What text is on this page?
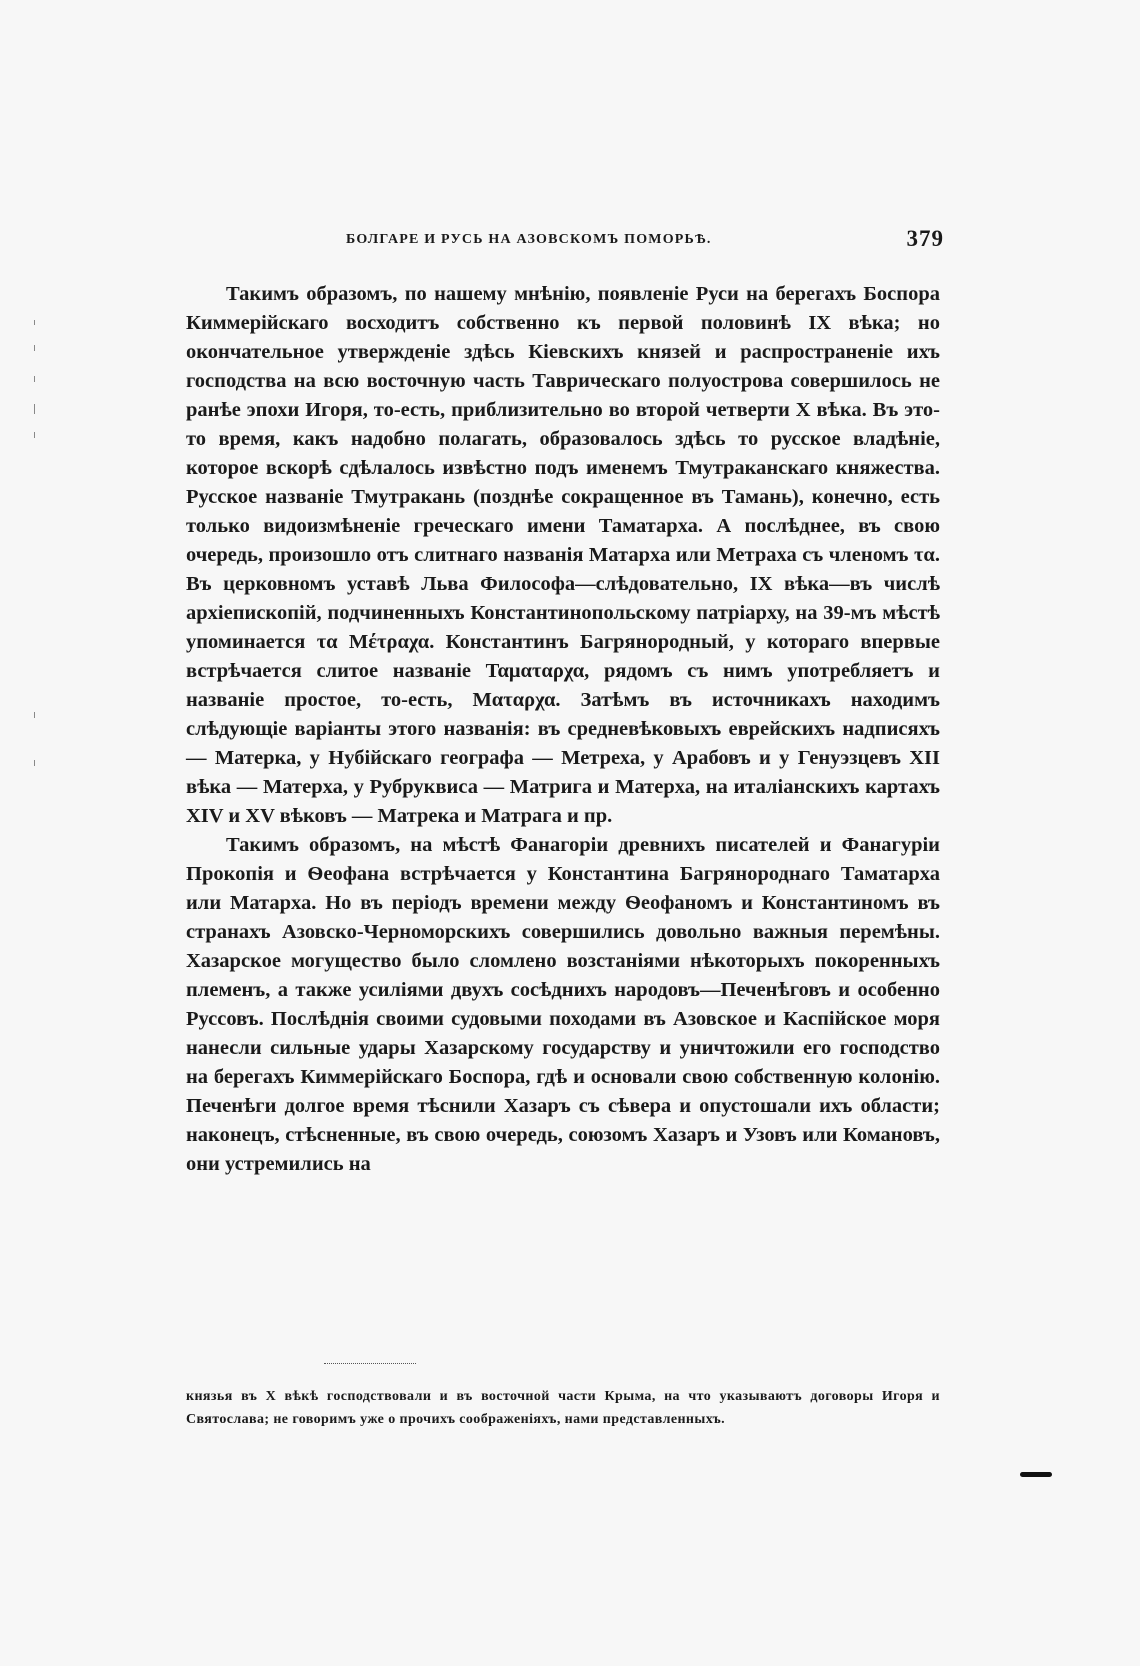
БОЛГАРЕ И РУСЬ НА АЗОВСКОМЪ ПОМОРЬѢ.	379

Такимъ образомъ, по нашему мнѣнію, появленіе Руси на берегахъ Боспора Киммерійскаго восходитъ собственно къ первой половинѣ IX вѣка; но окончательное утвержденіе здѣсь Кіевскихъ князей и распространеніе ихъ господства на всю восточную часть Таврическаго полуострова совершилось не ранѣе эпохи Игоря, то-есть, приблизительно во второй четверти X вѣка. Въ это-то время, какъ надобно полагать, образовалось здѣсь то русское владѣніе, которое вскорѣ сдѣлалось извѣстно подъ именемъ Тмутраканскаго княжества. Русское названіе Тмутракань (позднѣе сокращенное въ Тамань), конечно, есть только видоизмѣненіе греческаго имени Таматарха. А послѣднее, въ свою очередь, произошло отъ слитнаго названія Матарха или Метраха съ членомъ τα. Въ церковномъ уставѣ Льва Философа—слѣдовательно, IX вѣка—въ числѣ архіепископій, подчиненныхъ Константинопольскому патріарху, на 39-мъ мѣстѣ упоминается τα Μέτραχα. Константинъ Багрянородный, у котораго впервые встрѣчается слитое названіе Ταματαρχα, рядомъ съ нимъ употребляетъ и названіе простое, то-есть, Ματαρχα. Затѣмъ въ источникахъ находимъ слѣдующіе варіанты этого названія: въ средневѣковыхъ еврейскихъ надписяхъ — Матерка, у Нубійскаго географа — Метреха, у Арабовъ и у Генуэзцевъ XII вѣка — Матерха, у Рубруквиса — Матрига и Матерха, на италіанскихъ картахъ XIV и XV вѣковъ — Матрека и Матрага и пр.

Такимъ образомъ, на мѣстѣ Фанагоріи древнихъ писателей и Фанагуріи Прокопія и Ѳеофана встрѣчается у Константина Багрянороднаго Таматарха или Матарха. Но въ періодъ времени между Ѳеофаномъ и Константиномъ въ странахъ Азовско-Черноморскихъ совершились довольно важныя перемѣны. Хазарское могущество было сломлено возстаніями нѣкоторыхъ покоренныхъ племенъ, а также усиліями двухъ сосѣднихъ народовъ—Печенѣговъ и особенно Руссовъ. Послѣднія своими судовыми походами въ Азовское и Каспійское моря нанесли сильные удары Хазарскому государству и уничтожили его господство на берегахъ Киммерійскаго Боспора, гдѣ и основали свою собственную колонію. Печенѣги долгое время тѣснили Хазаръ съ сѣвера и опустошали ихъ области; наконецъ, стѣсненные, въ свою очередь, союзомъ Хазаръ и Узовъ или Комановъ, они устремились на

князья въ X вѣкѣ господствовали и въ восточной части Крыма, на что указываютъ договоры Игоря и Святослава; не говоримъ уже о прочихъ соображеніяхъ, нами представленныхъ.
